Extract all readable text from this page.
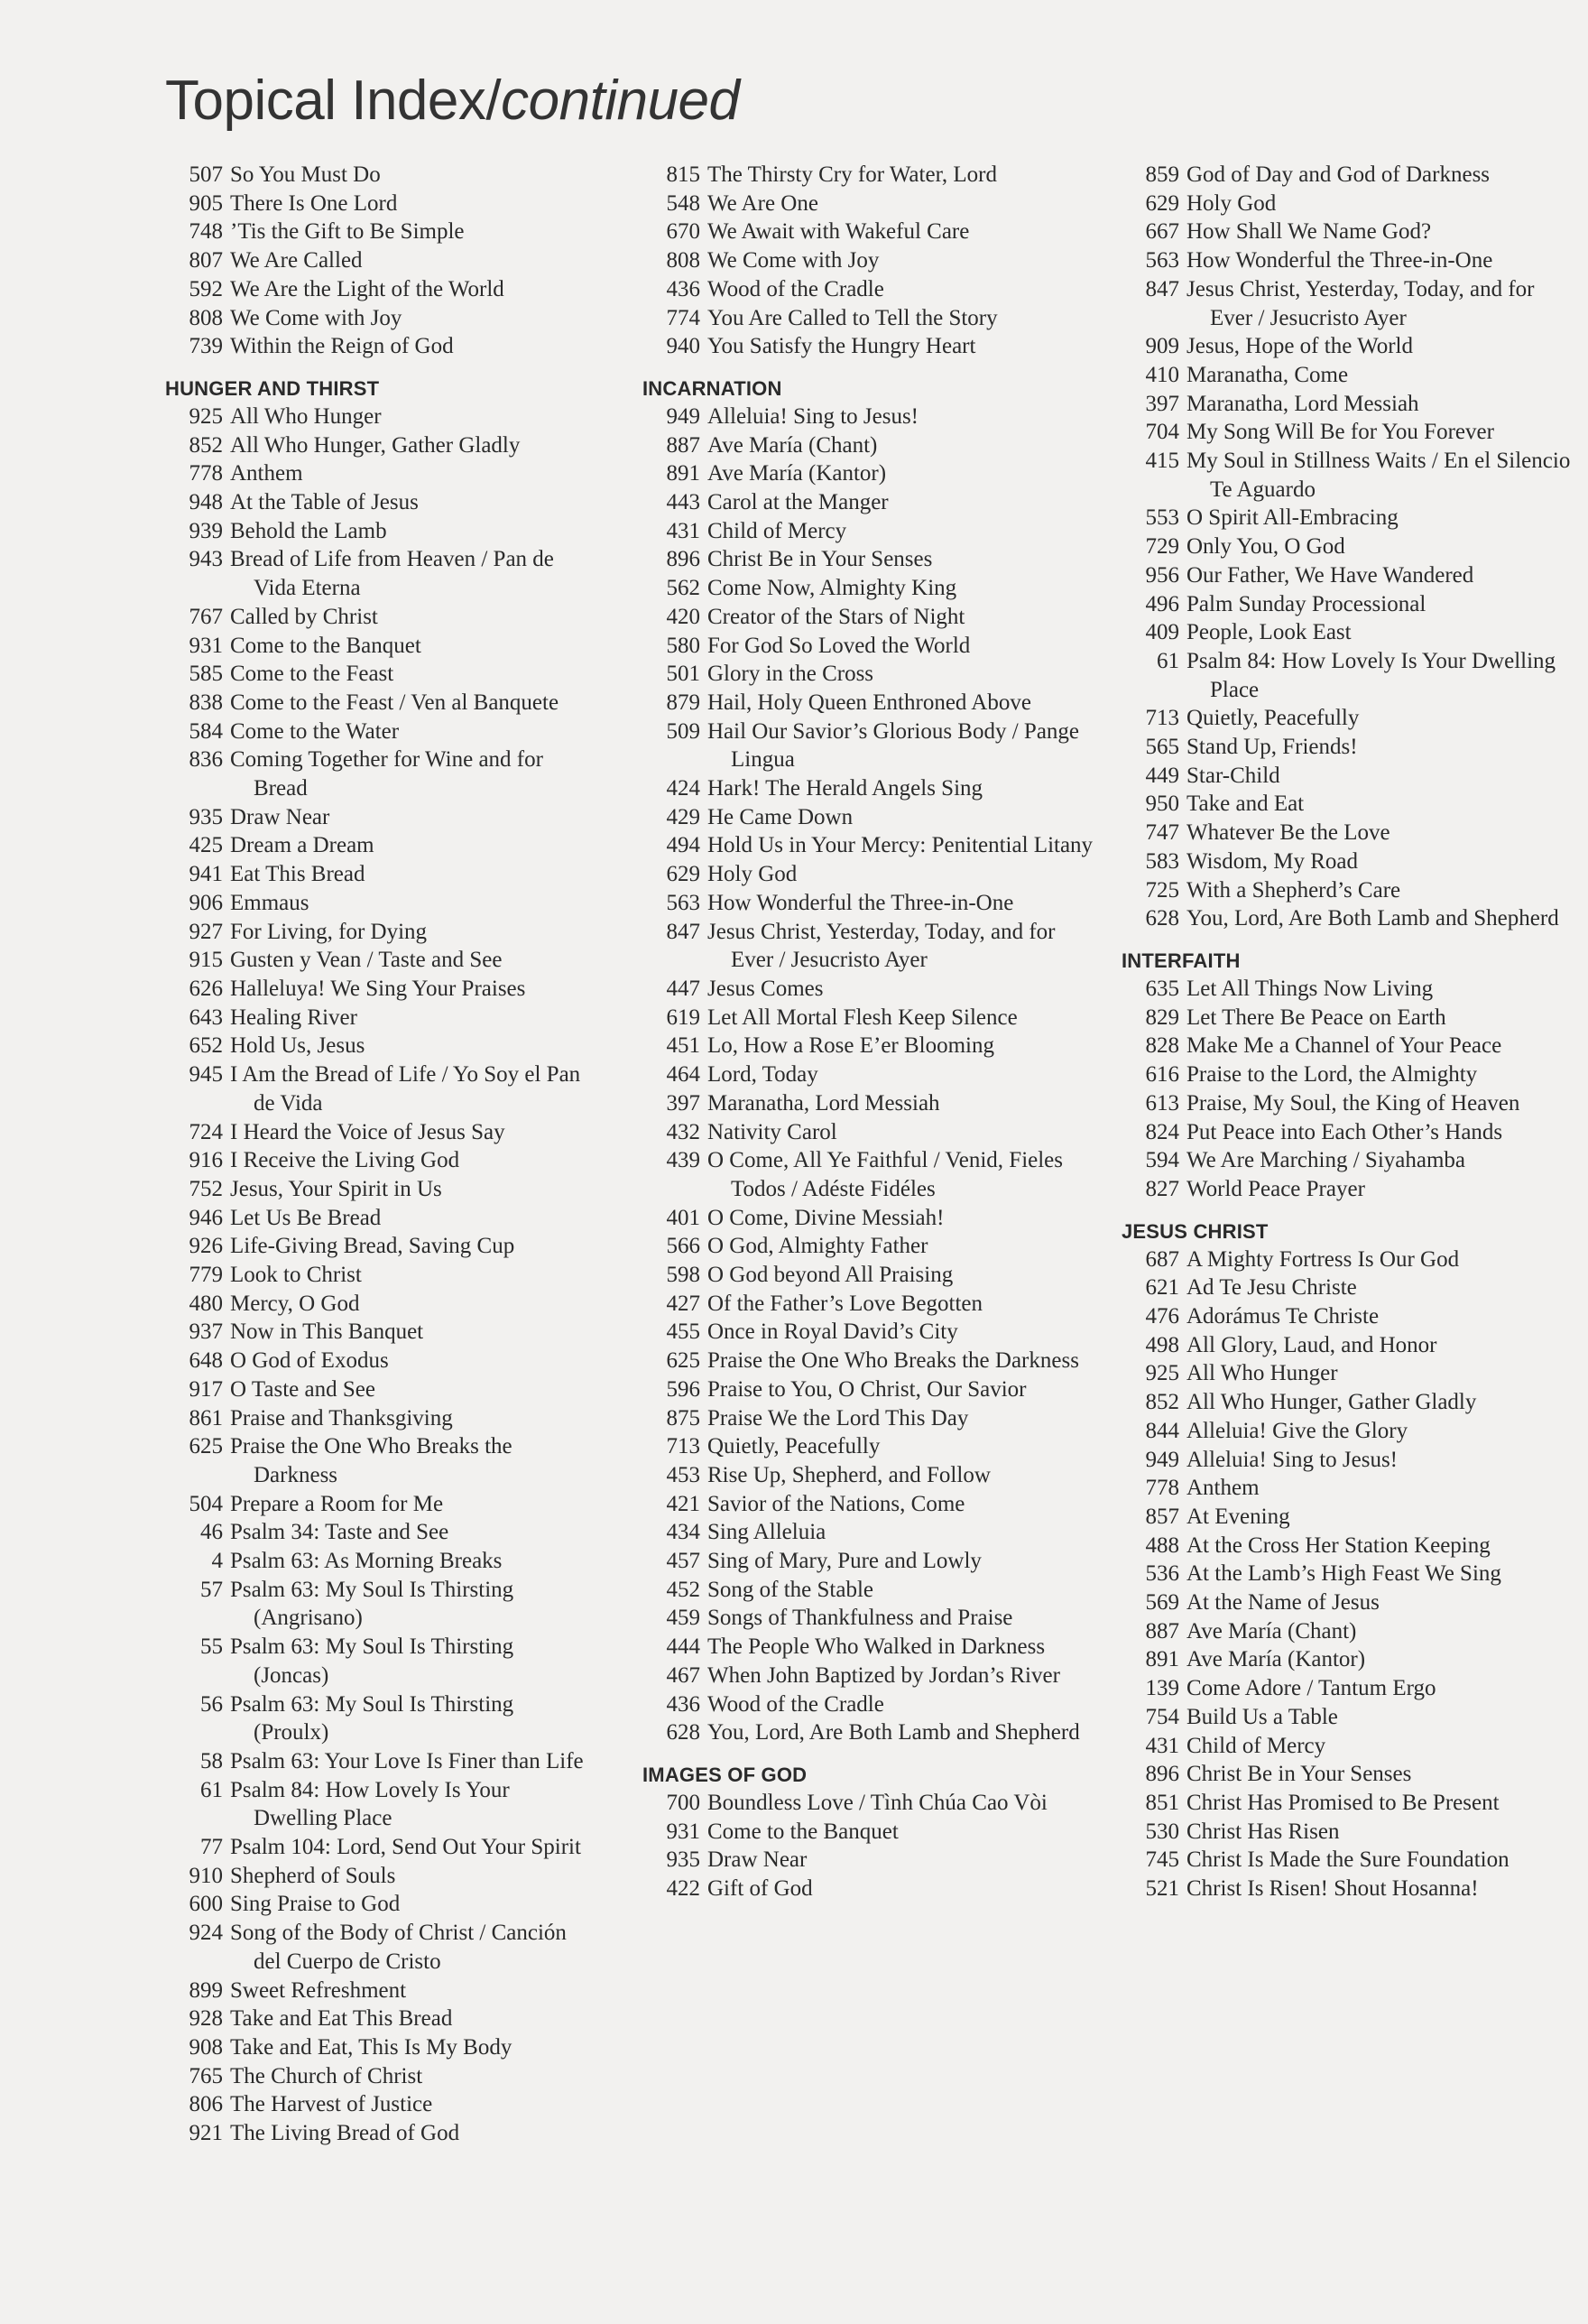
Topical Index/continued
507 So You Must Do
905 There Is One Lord
748 ’Tis the Gift to Be Simple
807 We Are Called
592 We Are the Light of the World
808 We Come with Joy
739 Within the Reign of God
HUNGER AND THIRST
925 All Who Hunger
852 All Who Hunger, Gather Gladly
778 Anthem
948 At the Table of Jesus
939 Behold the Lamb
943 Bread of Life from Heaven / Pan de Vida Eterna
767 Called by Christ
931 Come to the Banquet
585 Come to the Feast
838 Come to the Feast / Ven al Banquete
584 Come to the Water
836 Coming Together for Wine and for Bread
935 Draw Near
425 Dream a Dream
941 Eat This Bread
906 Emmaus
927 For Living, for Dying
915 Gusten y Vean / Taste and See
626 Halleluya! We Sing Your Praises
643 Healing River
652 Hold Us, Jesus
945 I Am the Bread of Life / Yo Soy el Pan de Vida
724 I Heard the Voice of Jesus Say
916 I Receive the Living God
752 Jesus, Your Spirit in Us
946 Let Us Be Bread
926 Life-Giving Bread, Saving Cup
779 Look to Christ
480 Mercy, O God
937 Now in This Banquet
648 O God of Exodus
917 O Taste and See
861 Praise and Thanksgiving
625 Praise the One Who Breaks the Darkness
504 Prepare a Room for Me
46 Psalm 34: Taste and See
4 Psalm 63: As Morning Breaks
57 Psalm 63: My Soul Is Thirsting (Angrisano)
55 Psalm 63: My Soul Is Thirsting (Joncas)
56 Psalm 63: My Soul Is Thirsting (Proulx)
58 Psalm 63: Your Love Is Finer than Life
61 Psalm 84: How Lovely Is Your Dwelling Place
77 Psalm 104: Lord, Send Out Your Spirit
910 Shepherd of Souls
600 Sing Praise to God
924 Song of the Body of Christ / Canción del Cuerpo de Cristo
899 Sweet Refreshment
928 Take and Eat This Bread
908 Take and Eat, This Is My Body
765 The Church of Christ
806 The Harvest of Justice
921 The Living Bread of God
815 The Thirsty Cry for Water, Lord
548 We Are One
670 We Await with Wakeful Care
808 We Come with Joy
436 Wood of the Cradle
774 You Are Called to Tell the Story
940 You Satisfy the Hungry Heart
INCARNATION
949 Alleluia! Sing to Jesus!
887 Ave María (Chant)
891 Ave María (Kantor)
443 Carol at the Manger
431 Child of Mercy
896 Christ Be in Your Senses
562 Come Now, Almighty King
420 Creator of the Stars of Night
580 For God So Loved the World
501 Glory in the Cross
879 Hail, Holy Queen Enthroned Above
509 Hail Our Savior’s Glorious Body / Pange Lingua
424 Hark! The Herald Angels Sing
429 He Came Down
494 Hold Us in Your Mercy: Penitential Litany
629 Holy God
563 How Wonderful the Three-in-One
847 Jesus Christ, Yesterday, Today, and for Ever / Jesucristo Ayer
447 Jesus Comes
619 Let All Mortal Flesh Keep Silence
451 Lo, How a Rose E’er Blooming
464 Lord, Today
397 Maranatha, Lord Messiah
432 Nativity Carol
439 O Come, All Ye Faithful / Venid, Fieles Todos / Adéste Fidéles
401 O Come, Divine Messiah!
566 O God, Almighty Father
598 O God beyond All Praising
427 Of the Father’s Love Begotten
455 Once in Royal David’s City
625 Praise the One Who Breaks the Darkness
596 Praise to You, O Christ, Our Savior
875 Praise We the Lord This Day
713 Quietly, Peacefully
453 Rise Up, Shepherd, and Follow
421 Savior of the Nations, Come
434 Sing Alleluia
457 Sing of Mary, Pure and Lowly
452 Song of the Stable
459 Songs of Thankfulness and Praise
444 The People Who Walked in Darkness
467 When John Baptized by Jordan’s River
436 Wood of the Cradle
628 You, Lord, Are Both Lamb and Shepherd
IMAGES OF GOD
700 Boundless Love / Tình Chúa Cao Vòi
931 Come to the Banquet
935 Draw Near
422 Gift of God
859 God of Day and God of Darkness
629 Holy God
667 How Shall We Name God?
563 How Wonderful the Three-in-One
847 Jesus Christ, Yesterday, Today, and for Ever / Jesucristo Ayer
909 Jesus, Hope of the World
410 Maranatha, Come
397 Maranatha, Lord Messiah
704 My Song Will Be for You Forever
415 My Soul in Stillness Waits / En el Silencio Te Aguardo
553 O Spirit All-Embracing
729 Only You, O God
956 Our Father, We Have Wandered
496 Palm Sunday Processional
409 People, Look East
61 Psalm 84: How Lovely Is Your Dwelling Place
713 Quietly, Peacefully
565 Stand Up, Friends!
449 Star-Child
950 Take and Eat
747 Whatever Be the Love
583 Wisdom, My Road
725 With a Shepherd’s Care
628 You, Lord, Are Both Lamb and Shepherd
INTERFAITH
635 Let All Things Now Living
829 Let There Be Peace on Earth
828 Make Me a Channel of Your Peace
616 Praise to the Lord, the Almighty
613 Praise, My Soul, the King of Heaven
824 Put Peace into Each Other’s Hands
594 We Are Marching / Siyahamba
827 World Peace Prayer
JESUS CHRIST
687 A Mighty Fortress Is Our God
621 Ad Te Jesu Christe
476 Adorámus Te Christe
498 All Glory, Laud, and Honor
925 All Who Hunger
852 All Who Hunger, Gather Gladly
844 Alleluia! Give the Glory
949 Alleluia! Sing to Jesus!
778 Anthem
857 At Evening
488 At the Cross Her Station Keeping
536 At the Lamb’s High Feast We Sing
569 At the Name of Jesus
887 Ave María (Chant)
891 Ave María (Kantor)
139 Come Adore / Tantum Ergo
754 Build Us a Table
431 Child of Mercy
896 Christ Be in Your Senses
851 Christ Has Promised to Be Present
530 Christ Has Risen
745 Christ Is Made the Sure Foundation
521 Christ Is Risen! Shout Hosanna!
